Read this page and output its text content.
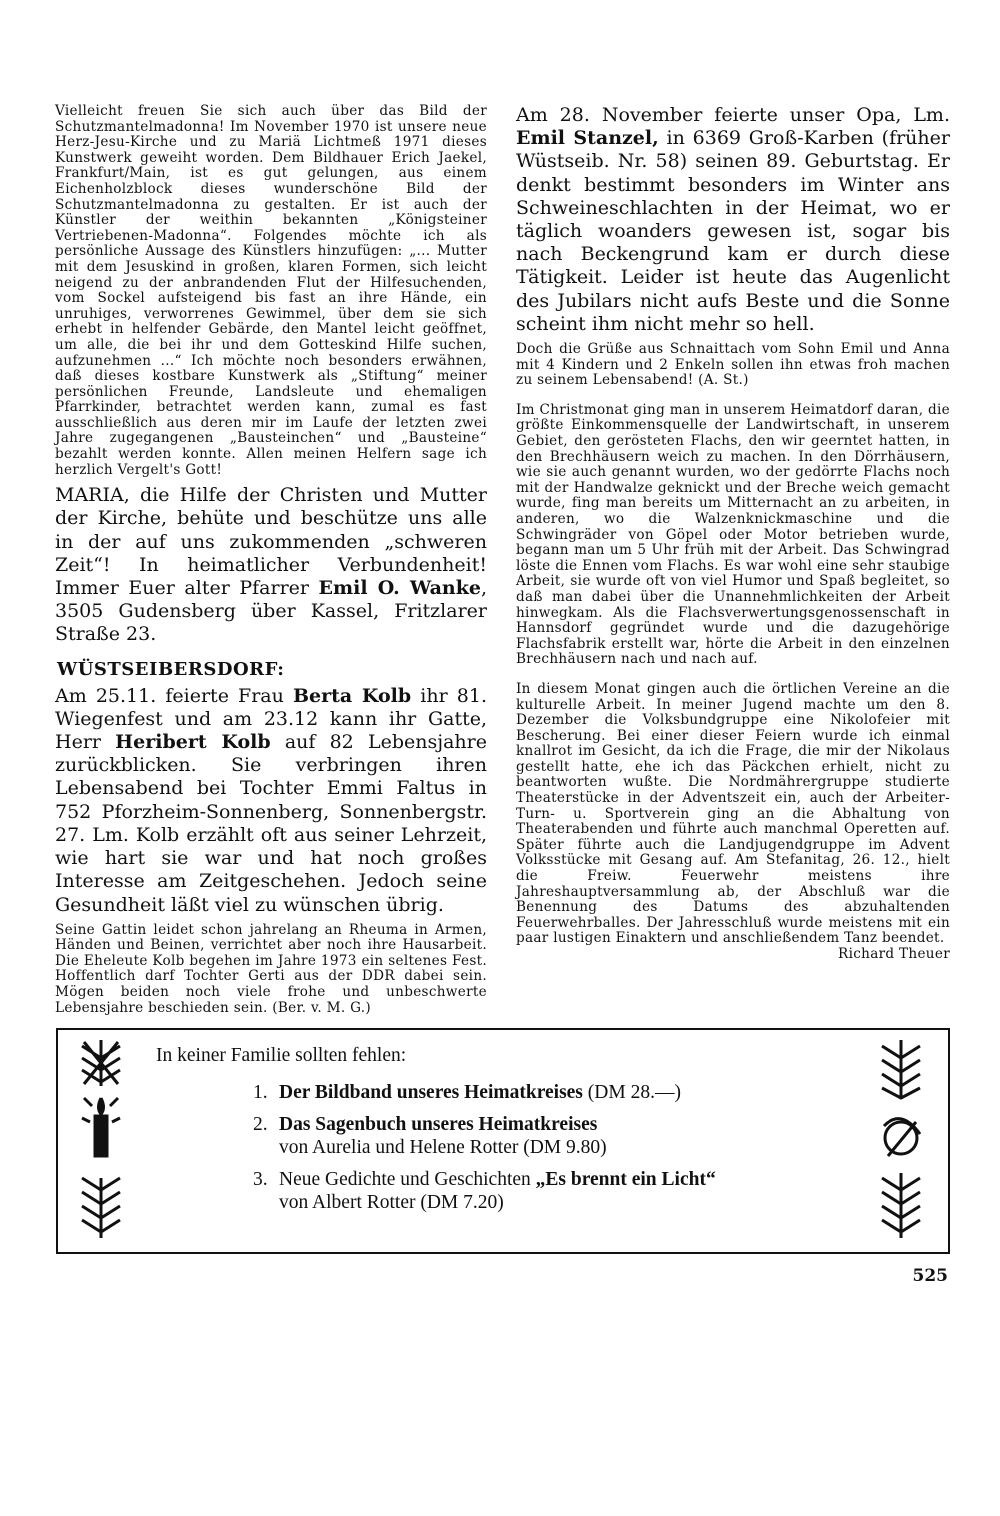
Vielleicht freuen Sie sich auch über das Bild der Schutzmantelmadonna! Im November 1970 ist unsere neue Herz-Jesu-Kirche und zu Mariä Lichtmeß 1971 dieses Kunstwerk geweiht worden. Dem Bildhauer Erich Jaekel, Frankfurt/Main, ist es gut gelungen, aus einem Eichenholzblock dieses wunderschöne Bild der Schutzmantelmadonna zu gestalten. Er ist auch der Künstler der weithin bekannten „Königsteiner Vertriebenen-Madonna“. Folgendes möchte ich als persönliche Aussage des Künstlers hinzufügen: „... Mutter mit dem Jesuskind in großen, klaren Formen, sich leicht neigend zu der anbrandenden Flut der Hilfesuchenden, vom Sockel aufsteigend bis fast an ihre Hände, ein unruhiges, verworrenes Gewimmel, über dem sie sich erhebt in helfender Gebärde, den Mantel leicht geöffnet, um alle, die bei ihr und dem Gotteskind Hilfe suchen, aufzunehmen ...“ Ich möchte noch besonders erwähnen, daß dieses kostbare Kunstwerk als „Stiftung“ meiner persönlichen Freunde, Landsleute und ehemaligen Pfarrkinder, betrachtet werden kann, zumal es fast ausschließlich aus deren mir im Laufe der letzten zwei Jahre zugegangenen „Bausteinchen“ und „Bausteine“ bezahlt werden konnte. Allen meinen Helfern sage ich herzlich Vergelt's Gott!

MARIA, die Hilfe der Christen und Mutter der Kirche, behüte und beschütze uns alle in der auf uns zukommenden „schweren Zeit“! In heimatlicher Verbundenheit! Immer Euer alter Pfarrer Emil O. Wanke, 3505 Gudensberg über Kassel, Fritzlarer Straße 23.

WÜSTSEIBERSDORF:

Am 25.11. feierte Frau Berta Kolb ihr 81. Wiegenfest und am 23.12 kann ihr Gatte, Herr Heribert Kolb auf 82 Lebensjahre zurückblicken. Sie verbringen ihren Lebensabend bei Tochter Emmi Faltus in 752 Pforzheim-Sonnenberg, Sonnenbergstr. 27. Lm. Kolb erzählt oft aus seiner Lehrzeit, wie hart sie war und hat noch großes Interesse am Zeitgeschehen. Jedoch seine Gesundheit läßt viel zu wünschen übrig.

Seine Gattin leidet schon jahrelang an Rheuma in Armen, Händen und Beinen, verrichtet aber noch ihre Hausarbeit. Die Eheleute Kolb begehen im Jahre 1973 ein seltenes Fest. Hoffentlich darf Tochter Gerti aus der DDR dabei sein. Mögen beiden noch viele frohe und unbeschwerte Lebensjahre beschieden sein. (Ber. v. M. G.)

Am 28. November feierte unser Opa, Lm. Emil Stanzel, in 6369 Groß-Karben (früher Wüstseib. Nr. 58) seinen 89. Geburtstag. Er denkt bestimmt besonders im Winter ans Schweineschlachten in der Heimat, wo er täglich woanders gewesen ist, sogar bis nach Beckengrund kam er durch diese Tätigkeit. Leider ist heute das Augenlicht des Jubilars nicht aufs Beste und die Sonne scheint ihm nicht mehr so hell.

Doch die Grüße aus Schnaittach vom Sohn Emil und Anna mit 4 Kindern und 2 Enkeln sollen ihn etwas froh machen zu seinem Lebensabend! (A. St.)

Im Christmonat ging man in unserem Heimatdorf daran, die größte Einkommensquelle der Landwirtschaft, in unserem Gebiet, den gerösteten Flachs, den wir geerntet hatten, in den Brechhäusern weich zu machen. In den Dörrhäusern, wie sie auch genannt wurden, wo der gedörrte Flachs noch mit der Handwalze geknickt und der Breche weich gemacht wurde, fing man bereits um Mitternacht an zu arbeiten, in anderen, wo die Walzenknickmaschine und die Schwingräder von Göpel oder Motor betrieben wurde, begann man um 5 Uhr früh mit der Arbeit. Das Schwingrad löste die Ennen vom Flachs. Es war wohl eine sehr staubige Arbeit, sie wurde oft von viel Humor und Spaß begleitet, so daß man dabei über die Unannehmlichkeiten der Arbeit hinwegkam. Als die Flachsverwertungsgenossenschaft in Hannsdorf gegründet wurde und die dazugehörige Flachsfabrik erstellt war, hörte die Arbeit in den einzelnen Brechhäusern nach und nach auf.

In diesem Monat gingen auch die örtlichen Vereine an die kulturelle Arbeit. In meiner Jugend machte um den 8. Dezember die Volksbundgruppe eine Nikolofeier mit Bescherung. Bei einer dieser Feiern wurde ich einmal knallrot im Gesicht, da ich die Frage, die mir der Nikolaus gestellt hatte, ehe ich das Päckchen erhielt, nicht zu beantworten wußte. Die Nordmährergruppe studierte Theaterstücke in der Adventszeit ein, auch der Arbeiter-Turn- u. Sportverein ging an die Abhaltung von Theaterabenden und führte auch manchmal Operetten auf. Später führte auch die Landjugendgruppe im Advent Volksstücke mit Gesang auf. Am Stefanitag, 26. 12., hielt die Freiw. Feuerwehr meistens ihre Jahreshauptversammlung ab, der Abschluß war die Benennung des Datums des abzuhaltenden Feuerwehrballes. Der Jahresschluß wurde meistens mit ein paar lustigen Einaktern und anschließendem Tanz beendet.
Richard Theuer

In keiner Familie sollten fehlen:
1. Der Bildband unseres Heimatkreises (DM 28.—)
2. Das Sagenbuch unseres Heimatkreises
von Aurelia und Helene Rotter (DM 9.80)
3. Neue Gedichte und Geschichten „Es brennt ein Licht“
von Albert Rotter (DM 7.20)
525
